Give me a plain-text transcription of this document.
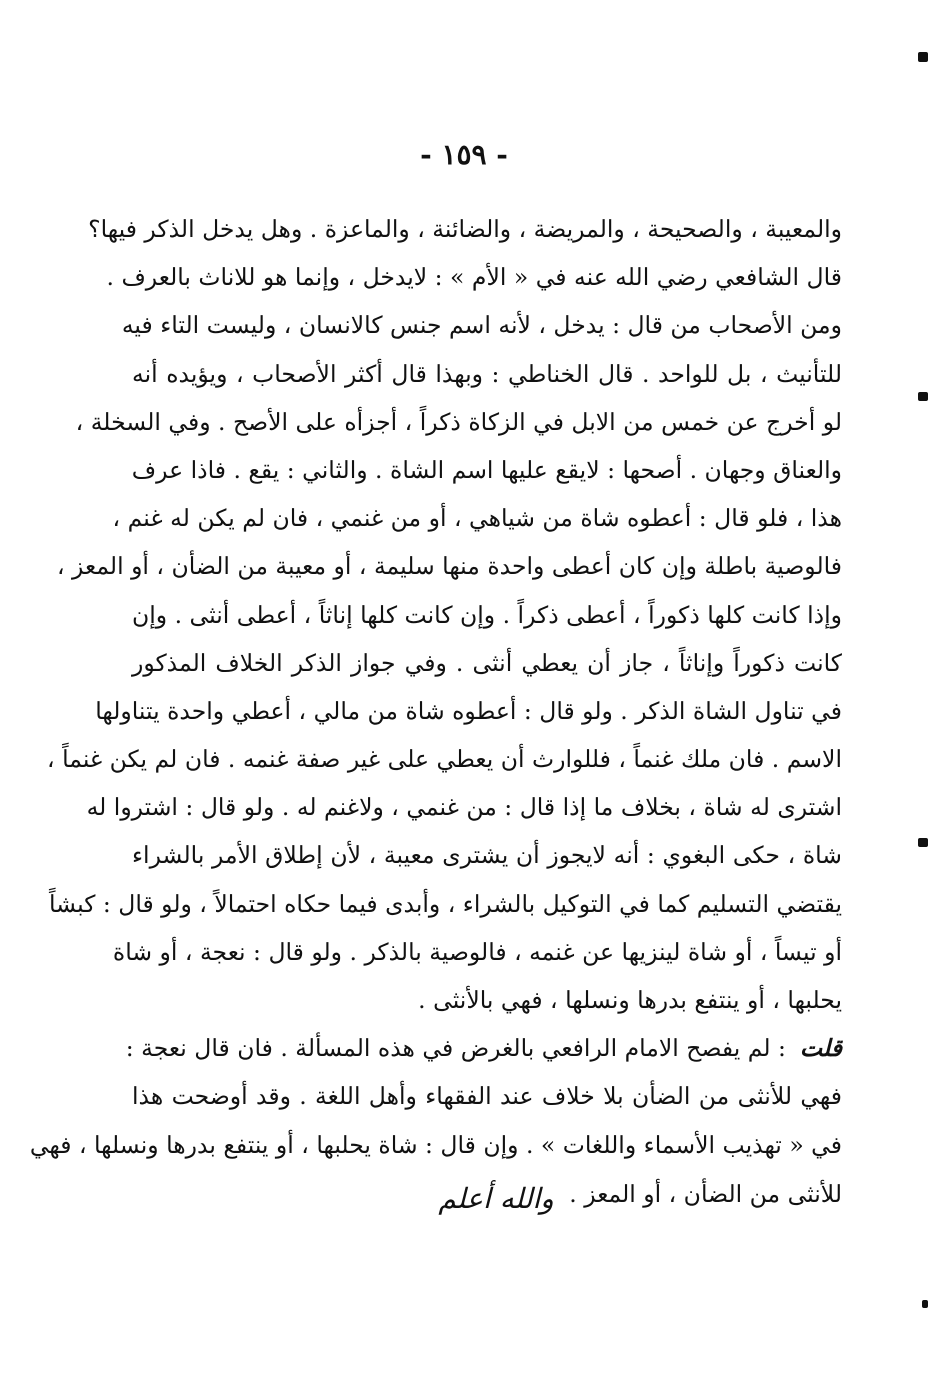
- ١٥٩ -
والمعيبة ، والصحيحة ، والمريضة ، والضائنة ، والماعزة . وهل يدخل الذكر فيها؟
قال الشافعي رضي الله عنه في « الأم » : لايدخل ، وإنما هو للاناث بالعرف .
ومن الأصحاب من قال : يدخل ، لأنه اسم جنس كالانسان ، وليست التاء فيه
للتأنيث ، بل للواحد . قال الخناطي : وبهذا قال أكثر الأصحاب ، ويؤيده أنه
لو أخرج عن خمس من الابل في الزكاة ذكراً ، أجزأه على الأصح . وفي السخلة ،
والعناق وجهان . أصحها : لايقع عليها اسم الشاة . والثاني : يقع . فاذا عرف
هذا ، فلو قال : أعطوه شاة من شياهي ، أو من غنمي ، فان لم يكن له غنم ،
فالوصية باطلة وإن كان أعطى واحدة منها سليمة ، أو معيبة من الضأن ، أو المعز ،
وإذا كانت كلها ذكوراً ، أعطى ذكراً . وإن كانت كلها إناثاً ، أعطى أنثى . وإن
كانت ذكوراً وإناثاً ، جاز أن يعطي أنثى . وفي جواز الذكر الخلاف المذكور
في تناول الشاة الذكر . ولو قال : أعطوه شاة من مالي ، أعطي واحدة يتناولها
الاسم . فان ملك غنماً ، فللوارث أن يعطي على غير صفة غنمه . فان لم يكن غنماً ،
اشترى له شاة ، بخلاف ما إذا قال : من غنمي ، ولاغنم له . ولو قال : اشتروا له
شاة ، حكى البغوي : أنه لايجوز أن يشترى معيبة ، لأن إطلاق الأمر بالشراء
يقتضي التسليم كما في التوكيل بالشراء ، وأبدى فيما حكاه احتمالاً ، ولو قال : كبشاً
أو تيساً ، أو شاة لينزيها عن غنمه ، فالوصية بالذكر . ولو قال : نعجة ، أو شاة
يحلبها ، أو ينتفع بدرها ونسلها ، فهي بالأنثى .
قلت: لم يفصح الامام الرافعي بالغرض في هذه المسألة . فان قال نعجة :
فهي للأنثى من الضأن بلا خلاف عند الفقهاء وأهل اللغة . وقد أوضحت هذا
في « تهذيب الأسماء واللغات » . وإن قال : شاة يحلبها ، أو ينتفع بدرها ونسلها ، فهي
للأنثى من الضأن ، أو المعز . والله أعلم
